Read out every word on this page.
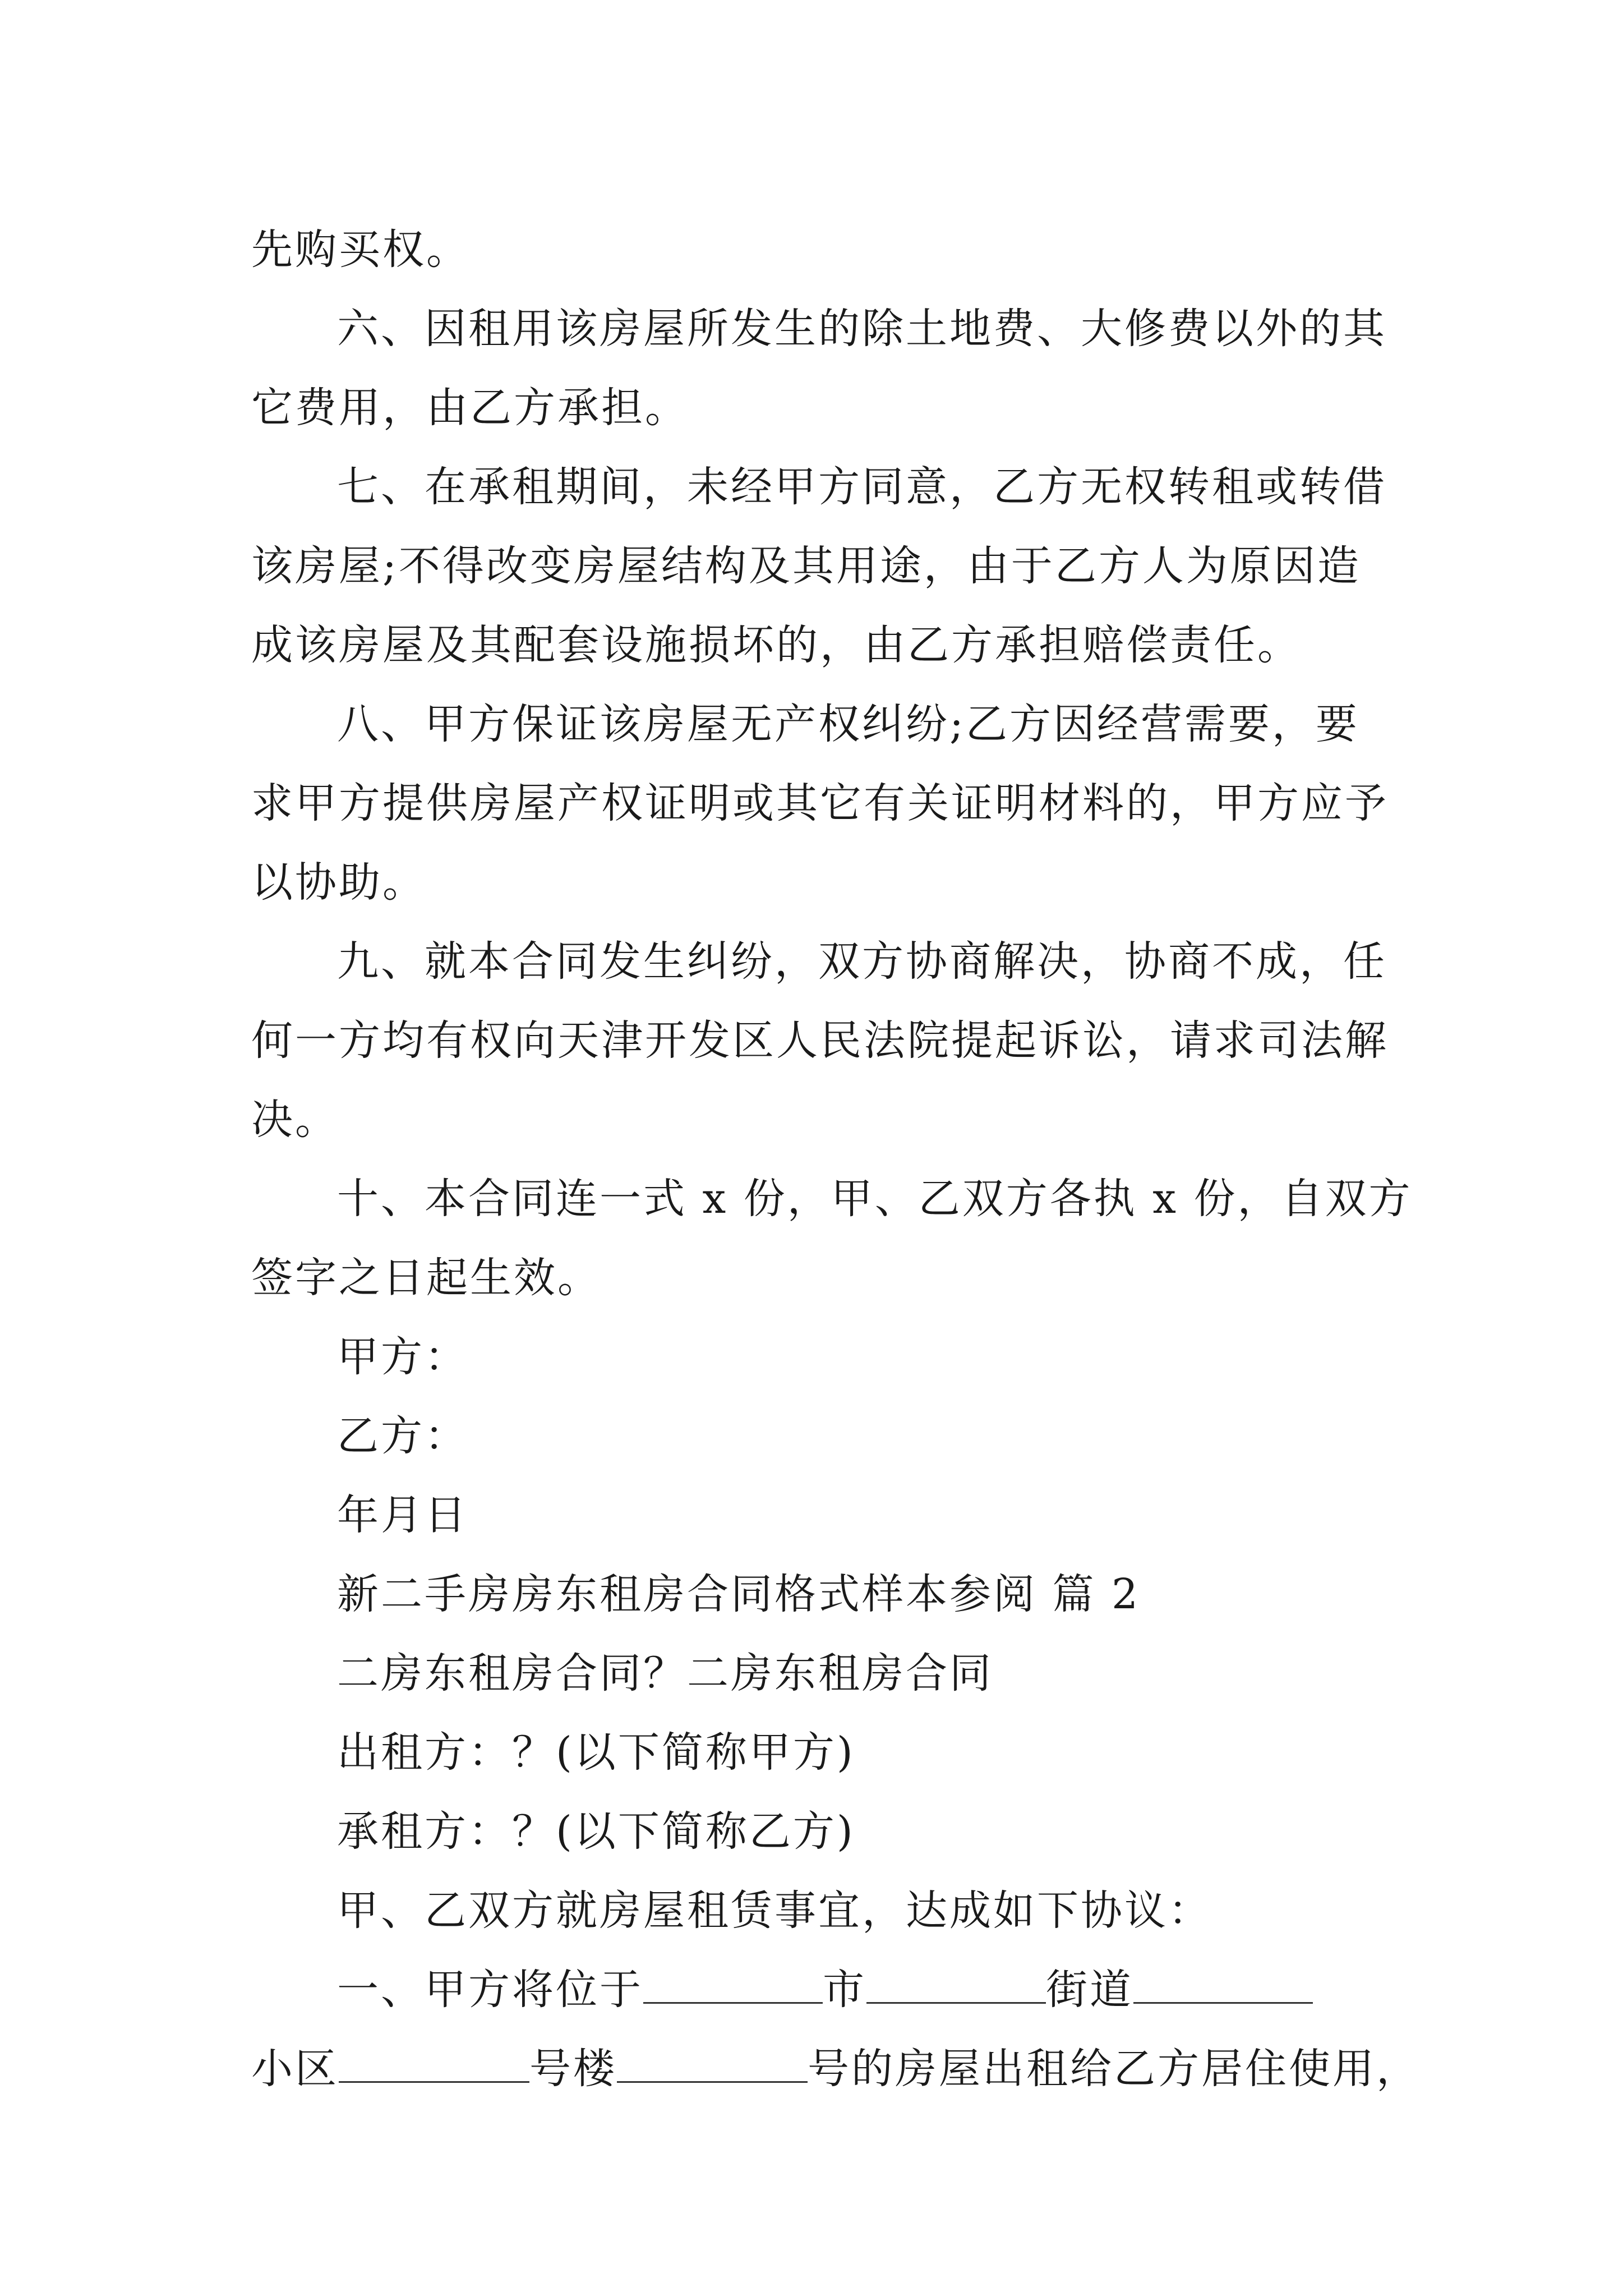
先购买权。
六、因租用该房屋所发生的除土地费、大修费以外的其
它费用，由乙方承担。
七、在承租期间，未经甲方同意，乙方无权转租或转借
该房屋;不得改变房屋结构及其用途，由于乙方人为原因造
成该房屋及其配套设施损坏的，由乙方承担赔偿责任。
八、甲方保证该房屋无产权纠纷;乙方因经营需要，要
求甲方提供房屋产权证明或其它有关证明材料的，甲方应予
以协助。
九、就本合同发生纠纷，双方协商解决，协商不成，任
何一方均有权向天津开发区人民法院提起诉讼，请求司法解
决。
十、本合同连一式 x 份，甲、乙双方各执 x 份，自双方
签字之日起生效。
甲方：
乙方：
年月日
新二手房房东租房合同格式样本参阅 篇 2
二房东租房合同？二房东租房合同
出租方：？(以下简称甲方)
承租方：？(以下简称乙方)
甲、乙双方就房屋租赁事宜，达成如下协议：
一、甲方将位于	市	街道
小区	号楼	号的房屋出租给乙方居住使用，
